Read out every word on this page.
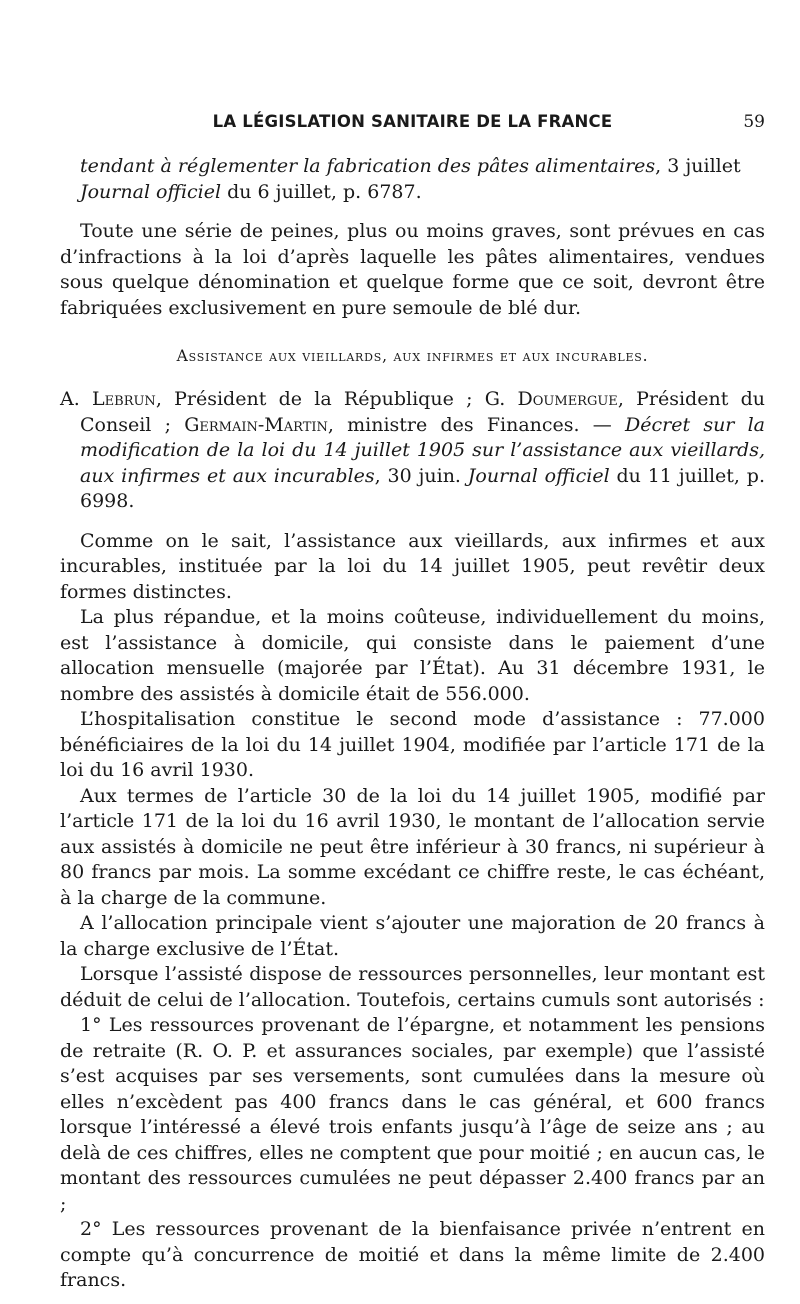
LA LÉGISLATION SANITAIRE DE LA FRANCE	59

tendant à réglementer la fabrication des pâtes alimentaires, 3 juillet
Journal officiel du 6 juillet, p. 6787.

Toute une série de peines, plus ou moins graves, sont prévues en cas d’infractions à la loi d’après laquelle les pâtes alimentaires, vendues sous quelque dénomination et quelque forme que ce soit, devront être fabriquées exclusivement en pure semoule de blé dur.

Assistance aux vieillards, aux infirmes et aux incurables.

A. Lebrun, Président de la République ; G. Doumergue, Président du Conseil ; Germain-Martin, ministre des Finances. — Décret sur la modification de la loi du 14 juillet 1905 sur l’assistance aux vieillards, aux infirmes et aux incurables, 30 juin. Journal officiel du 11 juillet, p. 6998.

Comme on le sait, l’assistance aux vieillards, aux infirmes et aux incurables, instituée par la loi du 14 juillet 1905, peut revêtir deux formes distinctes.

La plus répandue, et la moins coûteuse, individuellement du moins, est l’assistance à domicile, qui consiste dans le paiement d’une allocation mensuelle (majorée par l’État). Au 31 décembre 1931, le nombre des assistés à domicile était de 556.000.

L’hospitalisation constitue le second mode d’assistance : 77.000 bénéficiaires de la loi du 14 juillet 1904, modifiée par l’article 171 de la loi du 16 avril 1930.

Aux termes de l’article 30 de la loi du 14 juillet 1905, modifié par l’article 171 de la loi du 16 avril 1930, le montant de l’allocation servie aux assistés à domicile ne peut être inférieur à 30 francs, ni supérieur à 80 francs par mois. La somme excédant ce chiffre reste, le cas échéant, à la charge de la commune.

A l’allocation principale vient s’ajouter une majoration de 20 francs à la charge exclusive de l’État.

Lorsque l’assisté dispose de ressources personnelles, leur montant est déduit de celui de l’allocation. Toutefois, certains cumuls sont autorisés :

1° Les ressources provenant de l’épargne, et notamment les pensions de retraite (R. O. P. et assurances sociales, par exemple) que l’assisté s’est acquises par ses versements, sont cumulées dans la mesure où elles n’excèdent pas 400 francs dans le cas général, et 600 francs lorsque l’intéressé a élevé trois enfants jusqu’à l’âge de seize ans ; au delà de ces chiffres, elles ne comptent que pour moitié ; en aucun cas, le montant des ressources cumulées ne peut dépasser 2.400 francs par an ;

2° Les ressources provenant de la bienfaisance privée n’entrent en compte qu’à concurrence de moitié et dans la même limite de 2.400 francs.
